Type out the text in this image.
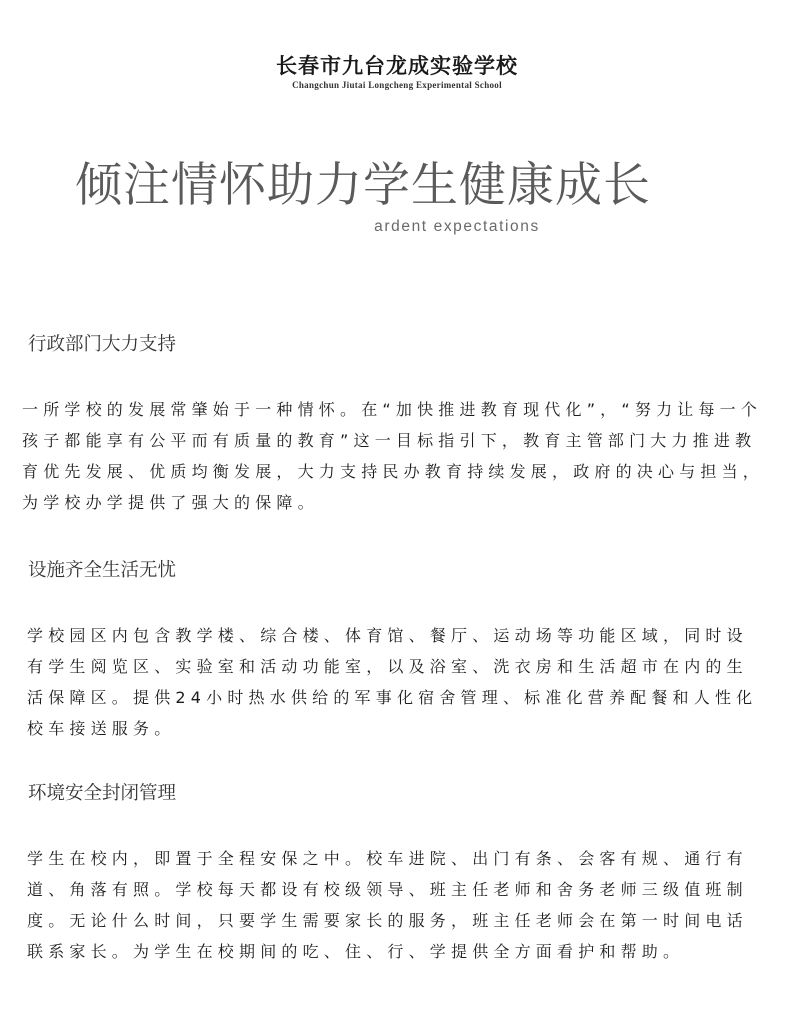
长春市九台龙成实验学校
Changchun Jiutai Longcheng Experimental School
倾注情怀助力学生健康成长
ardent expectations
行政部门大力支持
一所学校的发展常肇始于一种情怀。在“加快推进教育现代化”，“努力让每一个孩子都能享有公平而有质量的教育”这一目标指引下，教育主管部门大力推进教育优先发展、优质均衡发展，大力支持民办教育持续发展，政府的决心与担当，为学校办学提供了强大的保障。
设施齐全生活无忧
学校园区内包含教学楼、综合楼、体育馆、餐厅、运动场等功能区域，同时设有学生阅览区、实验室和活动功能室，以及浴室、洗衣房和生活超市在内的生活保障区。提供24小时热水供给的军事化宿舍管理、标准化营养配餐和人性化校车接送服务。
环境安全封闭管理
学生在校内，即置于全程安保之中。校车进院、出门有条、会客有规、通行有道、角落有照。学校每天都设有校级领导、班主任老师和舍务老师三级值班制度。无论什么时间，只要学生需要家长的服务，班主任老师会在第一时间电话联系家长。为学生在校期间的吃、住、行、学提供全方面看护和帮助。
